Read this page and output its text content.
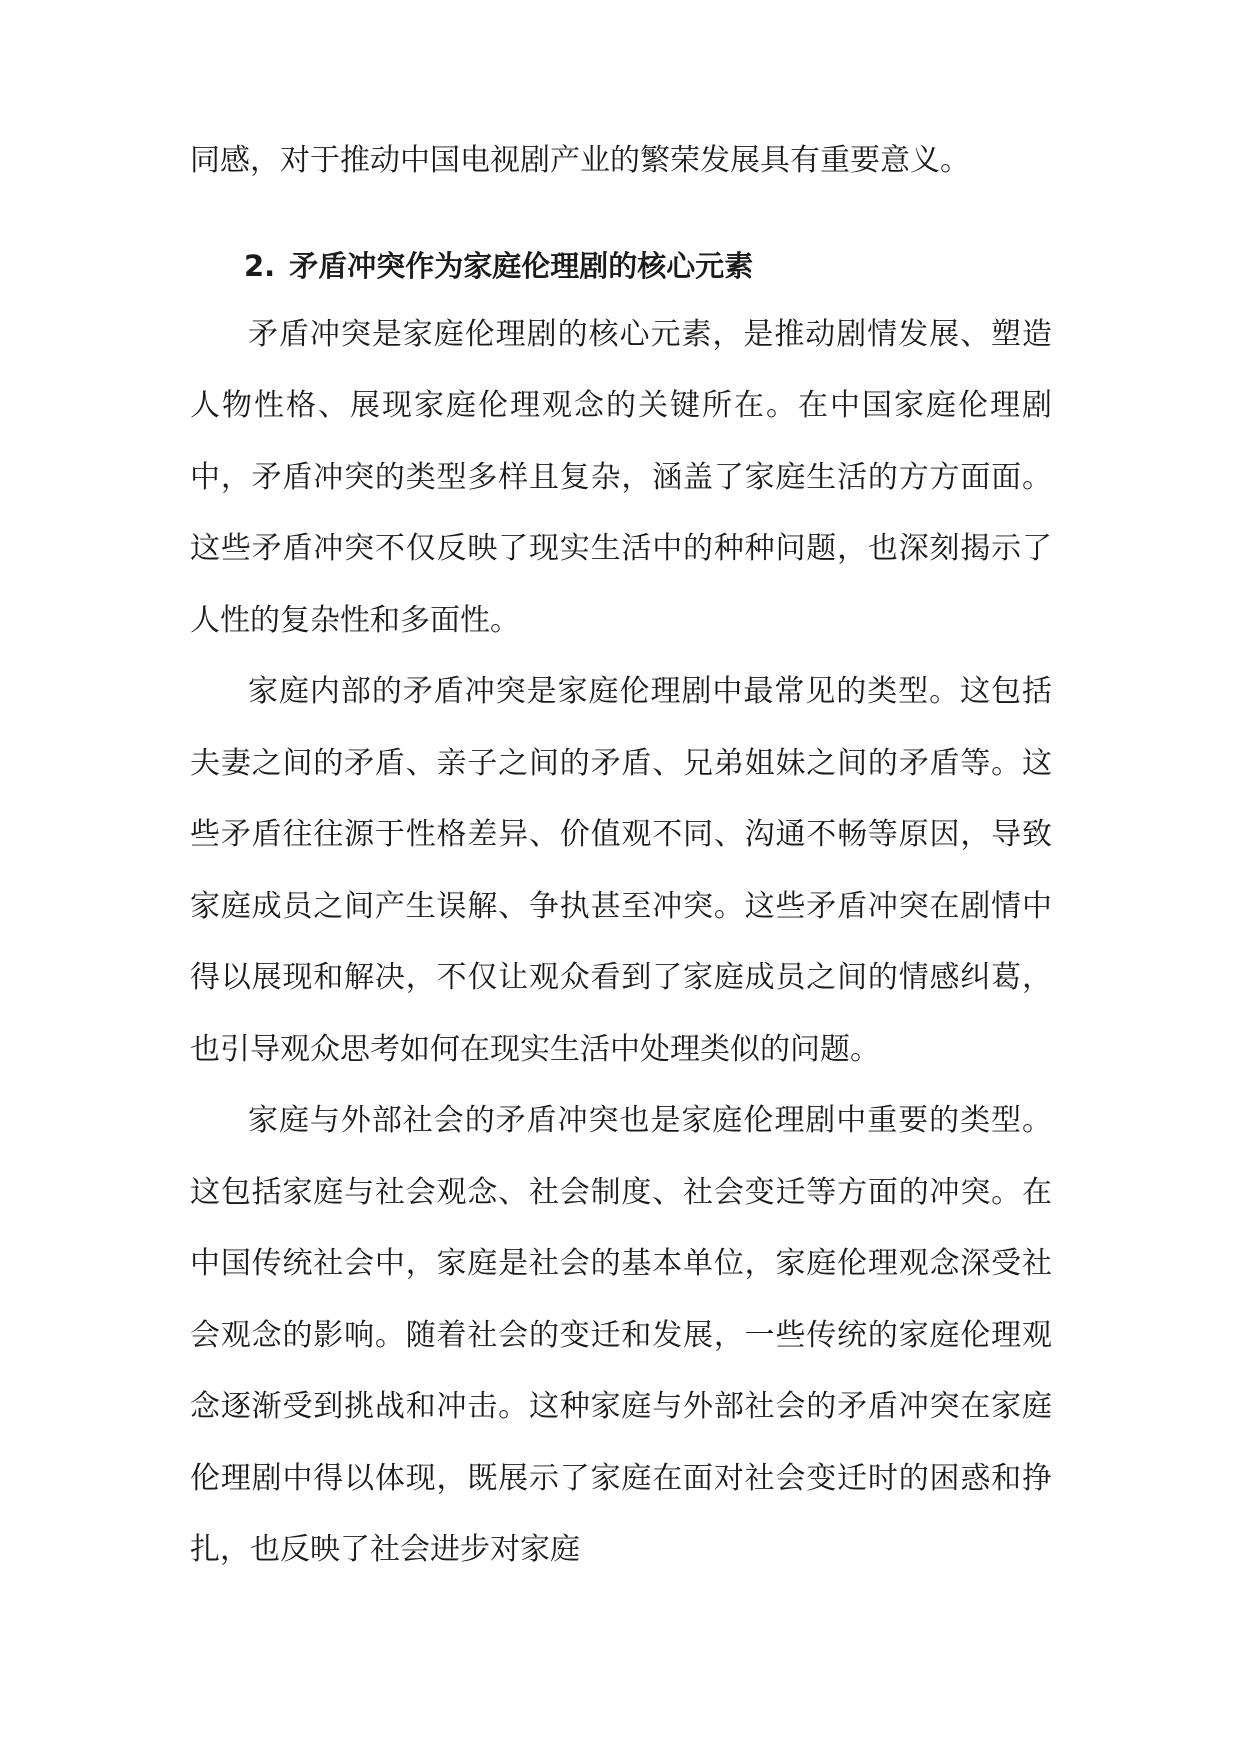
同感，对于推动中国电视剧产业的繁荣发展具有重要意义。

2. 矛盾冲突作为家庭伦理剧的核心元素

矛盾冲突是家庭伦理剧的核心元素，是推动剧情发展、塑造人物性格、展现家庭伦理观念的关键所在。在中国家庭伦理剧中，矛盾冲突的类型多样且复杂，涵盖了家庭生活的方方面面。这些矛盾冲突不仅反映了现实生活中的种种问题，也深刻揭示了人性的复杂性和多面性。

家庭内部的矛盾冲突是家庭伦理剧中最常见的类型。这包括夫妻之间的矛盾、亲子之间的矛盾、兄弟姐妹之间的矛盾等。这些矛盾往往源于性格差异、价值观不同、沟通不畅等原因，导致家庭成员之间产生误解、争执甚至冲突。这些矛盾冲突在剧情中得以展现和解决，不仅让观众看到了家庭成员之间的情感纠葛，也引导观众思考如何在现实生活中处理类似的问题。

家庭与外部社会的矛盾冲突也是家庭伦理剧中重要的类型。这包括家庭与社会观念、社会制度、社会变迁等方面的冲突。在中国传统社会中，家庭是社会的基本单位，家庭伦理观念深受社会观念的影响。随着社会的变迁和发展，一些传统的家庭伦理观念逐渐受到挑战和冲击。这种家庭与外部社会的矛盾冲突在家庭伦理剧中得以体现，既展示了家庭在面对社会变迁时的困惑和挣扎，也反映了社会进步对家庭
